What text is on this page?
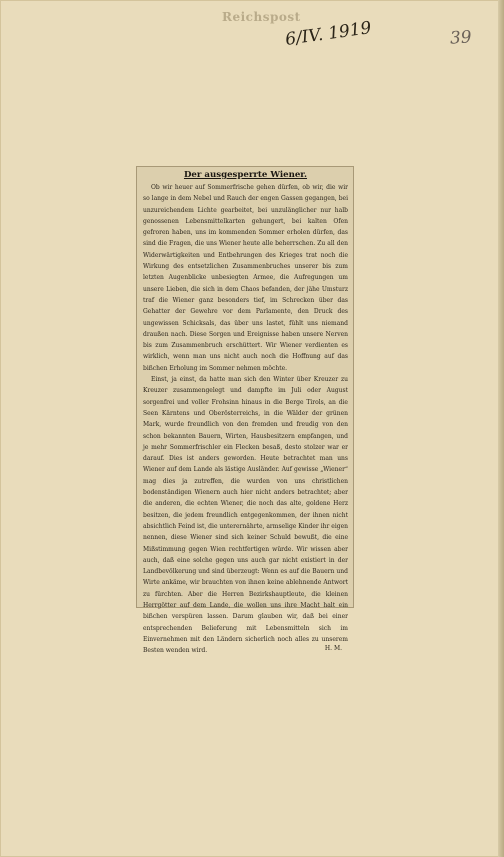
Reichspost
6/IV. 1919	39
Der ausgesperrte Wiener.

Ob wir heuer auf Sommerfrische gehen dürfen, ob wir, die wir so lange in dem Nebel und Rauch der engen Gassen gegangen, bei unzureichendem Lichte gearbeitet, bei unzulänglicher nur halb genossenen Lebensmittelkarten gehungert, bei kalten Ofen gefroren haben, uns im kommenden Sommer erholen dürfen, das sind die Fragen, die uns Wiener heute alle beherrschen. Zu all den Widerwärtigkeiten und Entbehrungen des Krieges trat noch die Wirkung des entsetzlichen Zusammenbruches unserer bis zum letzten Augenblicke unbesiegten Armee, die Aufregungen um unsere Lieben, die sich in dem Chaos befanden, der jähe Umsturz traf die Wiener ganz besonders tief, im Schrecken über das Gehatter der Gewehre vor dem Parlamente, den Druck des ungewissen Schicksals, das über uns lastet, fühlt uns niemand draußen nach. Diese Sorgen und Ereignisse haben unsere Nerven bis zum Zusammenbruch erschüttert. Wir Wiener verdienten es wirklich, wenn man uns nicht auch noch die Hoffnung auf das bißchen Erholung im Sommer nehmen möchte.

Einst, ja einst, da hatte man sich den Winter über Kreuzer zu Kreuzer zusammengelegt und dampfte im Juli oder August sorgenfrei und voller Frohsinn hinaus in die Berge Tirols, an die Seen Kärntens und Oberösterreichs, in die Wälder der grünen Mark, wurde freundlich von den fremden und freudig von den schon bekannten Bauern, Wirten, Hausbesitzern empfangen, und je mehr Sommerfrischler ein Flecken besaß, desto stolzer war er darauf. Dies ist anders geworden. Heute betrachtet man uns Wiener auf dem Lande als lästige Ausländer. Auf gewisse „Wiener“ mag dies ja zutreffen, die wurden von uns christlichen bodenständigen Wienern auch hier nicht anders betrachtet; aber die anderen, die echten Wiener, die noch das alte, goldene Herz besitzen, die jedem freundlich entgegenkommen, der ihnen nicht absichtlich Feind ist, die unterernährte, armselige Kinder ihr eigen nennen, diese Wiener sind sich keiner Schuld bewußt, die eine Mißstimmung gegen Wien rechtfertigen würde. Wir wissen aber auch, daß eine solche gegen uns auch gar nicht existiert in der Landbevölkerung und sind überzeugt: Wenn es auf die Bauern und Wirte ankäme, wir brauchten von ihnen keine ablehnende Antwort zu fürchten. Aber die Herren Bezirkshauptleute, die kleinen Herrgötter auf dem Lande, die wollen uns ihre Macht halt ein bißchen verspüren lassen. Darum glauben wir, daß bei einer entsprechenden Belieferung mit Lebensmitteln sich im Einvernehmen mit den Ländern sicherlich noch alles zu unserem Besten wenden wird.	H. M.
